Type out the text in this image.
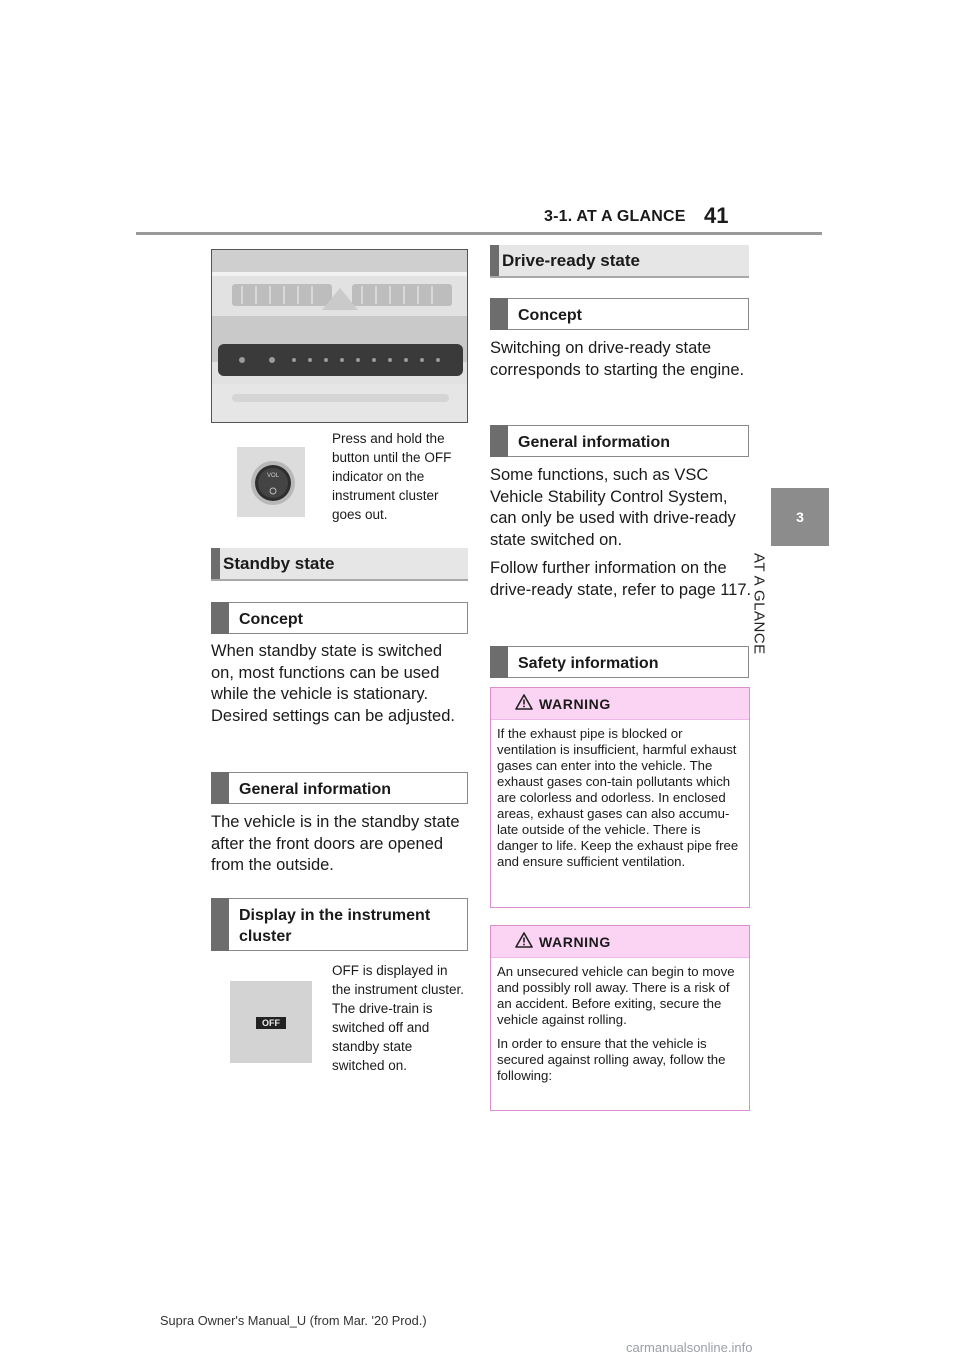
3-1. AT A GLANCE 41
3
AT A GLANCE
VOL
Press and hold the button until the OFF indicator on the instrument cluster goes out.
Standby state
Concept
When standby state is switched on, most functions can be used while the vehicle is stationary. Desired settings can be adjusted.
General information
The vehicle is in the standby state after the front doors are opened from the outside.
Display in the instrument cluster
OFF
OFF is displayed in the instrument cluster. The drive-train is switched off and standby state switched on.
Drive-ready state
Concept
Switching on drive-ready state corresponds to starting the engine.
General information
Some functions, such as VSC Vehicle Stability Control System, can only be used with drive-ready state switched on.
Follow further information on the drive-ready state, refer to page 117.
Safety information
WARNING

If the exhaust pipe is blocked or ventilation is insufficient, harmful exhaust gases can enter into the vehicle. The exhaust gases con-tain pollutants which are colorless and odorless. In enclosed areas, exhaust gases can also accumu-late outside of the vehicle. There is danger to life. Keep the exhaust pipe free and ensure sufficient ventilation.

WARNING

An unsecured vehicle can begin to move and possibly roll away. There is a risk of an accident. Before exiting, secure the vehicle against rolling.

In order to ensure that the vehicle is secured against rolling away, follow the following:

Supra Owner's Manual_U (from Mar. '20 Prod.)
carmanualsonline.info
